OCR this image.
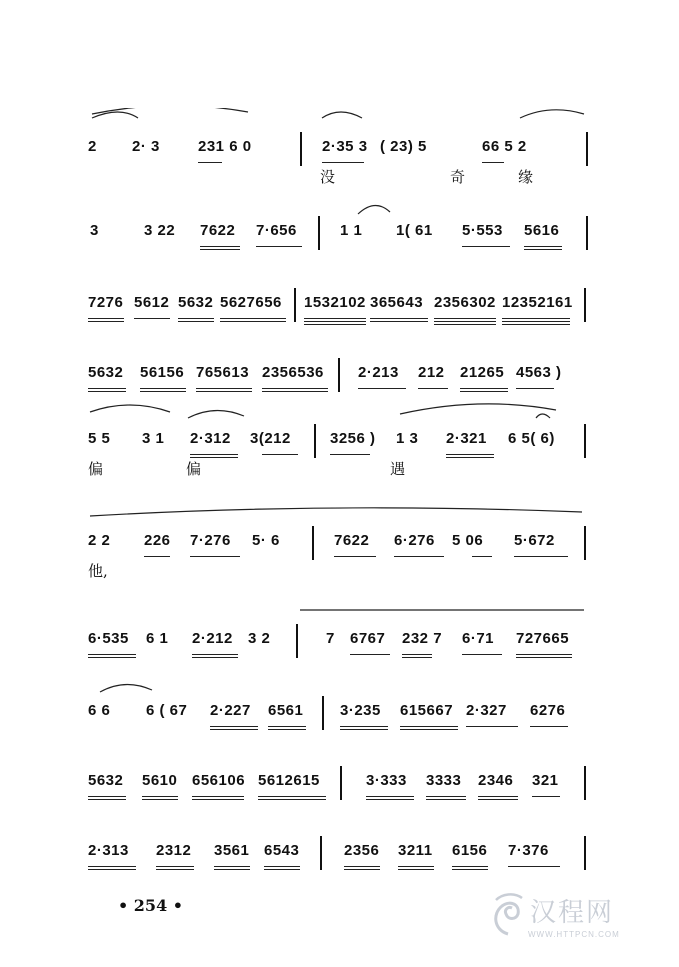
2 2· 3	231 6 0	2·35 3 ( 23) 5	66 5 2
没	奇	缘
3	3 22 7622 7·656	1 1 1( 61 5·553 5616
7276 5612 5632 5627656 1532102 365643 2356302 12352161
5632 56156 765613 2356536 2·213 212 21265 4563 )
5 5 3 1 2·312 3(212	3256 ) 1 3 2·321 6 5( 6)
偏	偏	遇
2 2 226 7·276 5· 6	7622 6·276 5 06 5·672
他,
6·535 6 1 2·212 3 2	7 6767 232 7 6·71 727665
6 6 6 ( 67 2·227 6561 3·235 615667 2·327 6276
5632 5610 656106 5612615	3·333 3333 2346 321
2·313 2312 3561 6543	2356 3211 6156 7·376
• 254 •	汉程网
WWW.HTTPCN.COM
